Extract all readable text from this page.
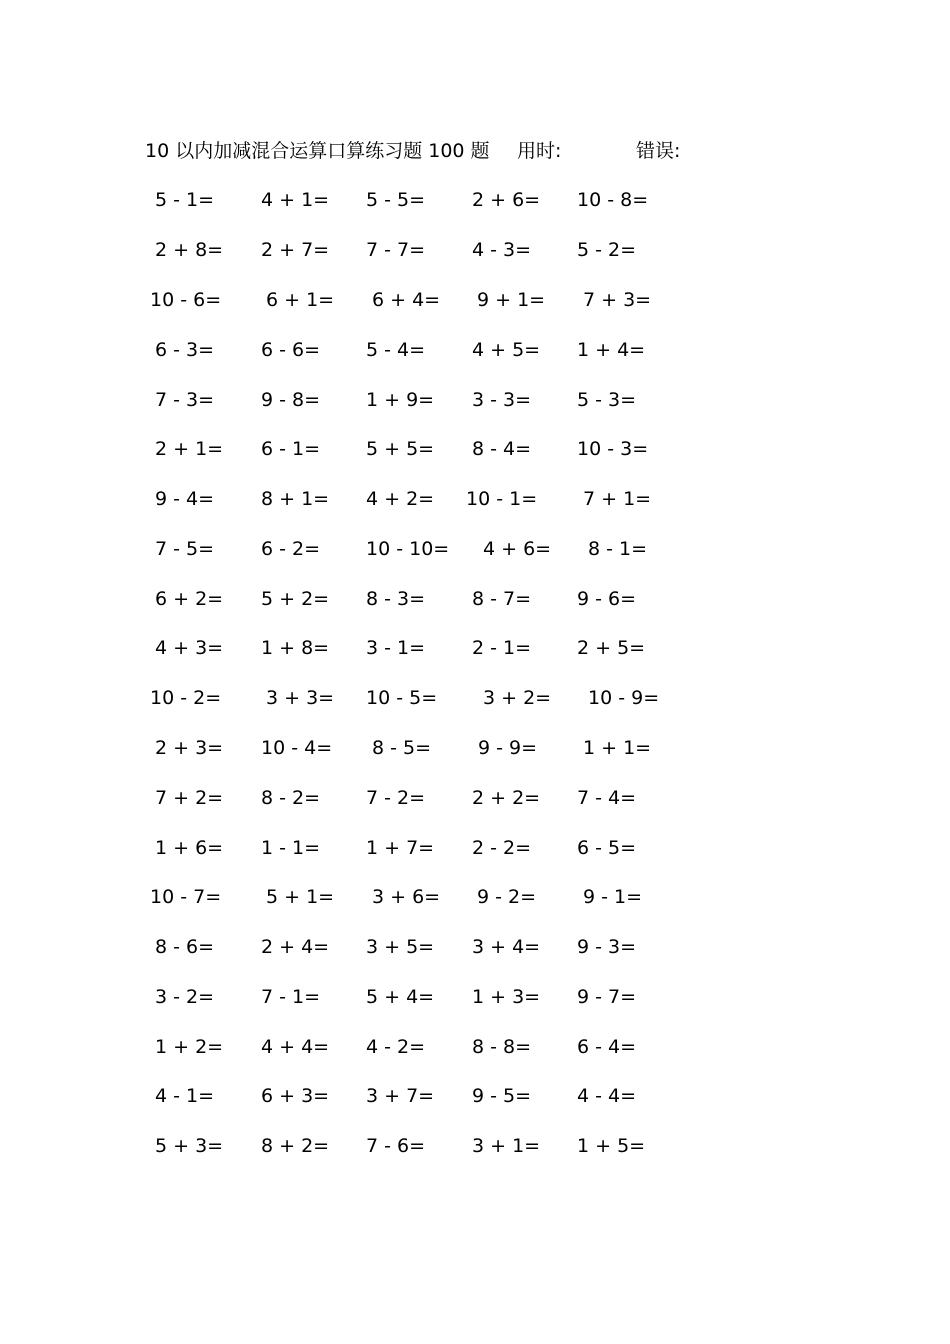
10 以内加减混合运算口算练习题 100 题 用时:	错误:
5 - 1= 4 + 1= 5 - 5= 2 + 6= 10 - 8=
2 + 8= 2 + 7= 7 - 7= 4 - 3= 5 - 2=
10 - 6= 6 + 1= 6 + 4= 9 + 1= 7 + 3=
6 - 3= 6 - 6= 5 - 4= 4 + 5= 1 + 4=
7 - 3= 9 - 8= 1 + 9= 3 - 3= 5 - 3=
2 + 1= 6 - 1= 5 + 5= 8 - 4= 10 - 3=
9 - 4= 8 + 1= 4 + 2= 10 - 1= 7 + 1=
7 - 5= 6 - 2= 10 - 10= 4 + 6= 8 - 1=
6 + 2= 5 + 2= 8 - 3= 8 - 7= 9 - 6=
4 + 3= 1 + 8= 3 - 1= 2 - 1= 2 + 5=
10 - 2= 3 + 3= 10 - 5= 3 + 2= 10 - 9=
2 + 3= 10 - 4= 8 - 5= 9 - 9= 1 + 1=
7 + 2= 8 - 2= 7 - 2= 2 + 2= 7 - 4=
1 + 6= 1 - 1= 1 + 7= 2 - 2= 6 - 5=
10 - 7= 5 + 1= 3 + 6= 9 - 2= 9 - 1=
8 - 6= 2 + 4= 3 + 5= 3 + 4= 9 - 3=
3 - 2= 7 - 1= 5 + 4= 1 + 3= 9 - 7=
1 + 2= 4 + 4= 4 - 2= 8 - 8= 6 - 4=
4 - 1= 6 + 3= 3 + 7= 9 - 5= 4 - 4=
5 + 3= 8 + 2= 7 - 6= 3 + 1= 1 + 5=
